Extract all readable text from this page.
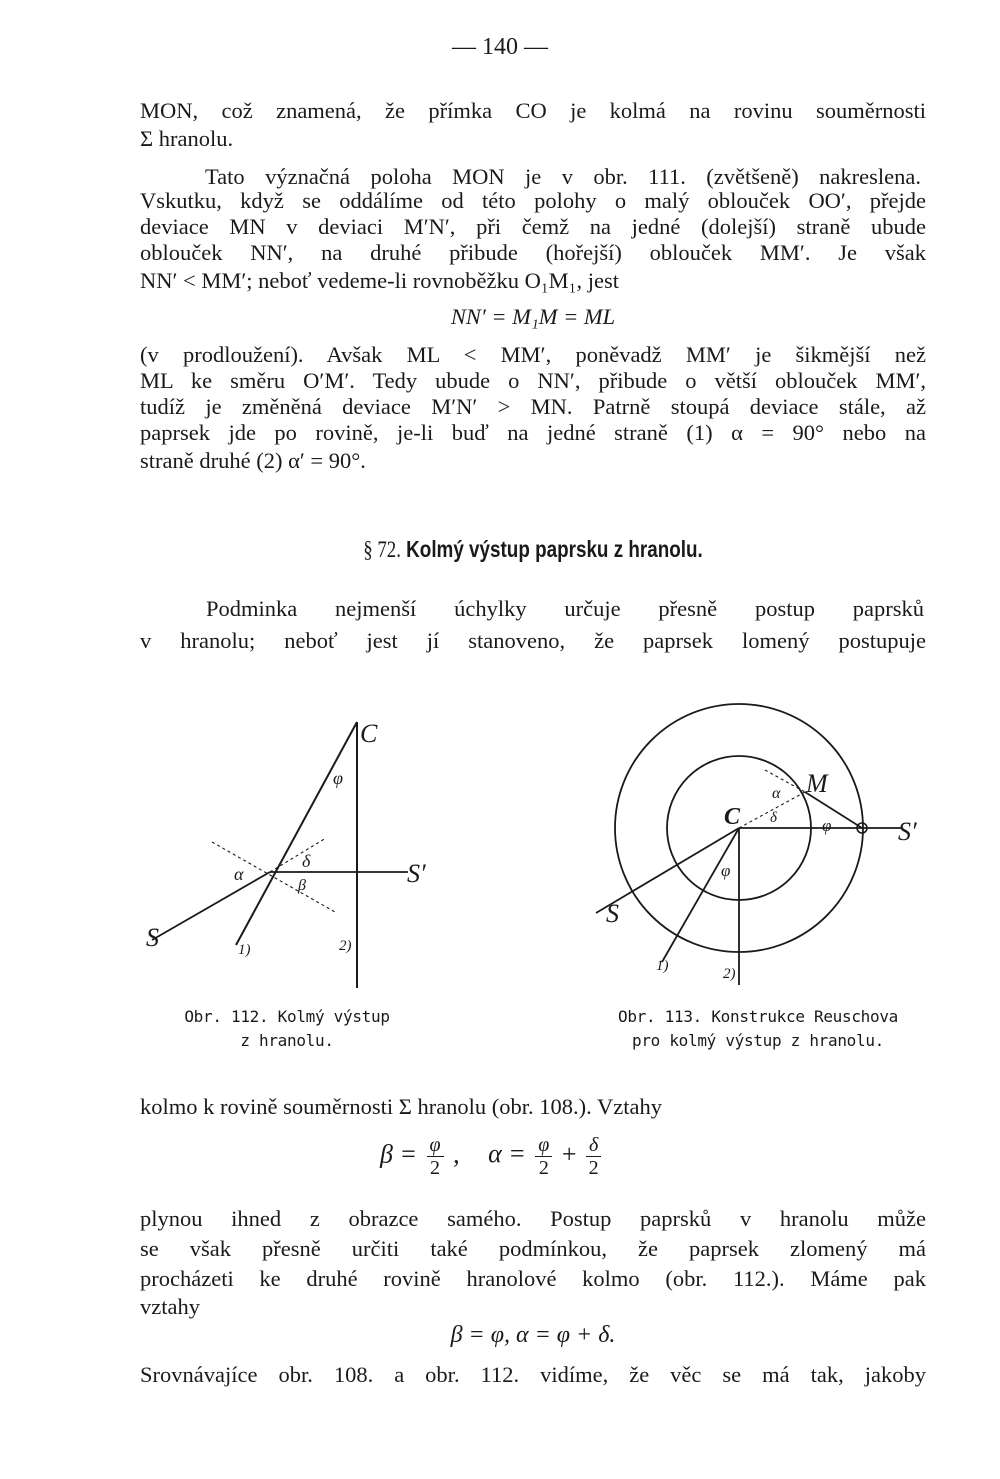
— 140 —
MON, což znamená, že přímka CO je kolmá na rovinu souměrnosti
Σ hranolu.
Tato význačná poloha MON je v obr. 111. (zvětšeně) nakreslena.
Vskutku, když se oddálíme od této polohy o malý oblouček OO′, přejde
deviace MN v deviaci M′N′, při čemž na jedné (dolejší) straně ubude
oblouček NN′, na druhé přibude (hořejší) oblouček MM′. Je však
NN′ < MM′; neboť vedeme-li rovnoběžku O₁M₁, jest
NN′ = M₁M = ML
(v prodloužení). Avšak ML < MM′, poněvadž MM′ je šikmější než
ML ke směru O′M′. Tedy ubude o NN′, přibude o větší oblouček MM′,
tudíž je změněná deviace M′N′ > MN. Patrně stoupá deviace stále, až
paprsek jde po rovině, je-li buď na jedné straně (1) α = 90° nebo na
straně druhé (2) α′ = 90°.
§ 72. Kolmý výstup paprsku z hranolu.
Podminka nejmenší úchylky určuje přesně postup paprsků
v hranolu; neboť jest jí stanoveno, že paprsek lomený postupuje
C
φ
α
δ
β	S′
S	1)	2)
Obr. 112. Kolmý výstup
z hranolu.
C
M
α
δ	φ
φ
S′
S
1)	2)
Obr. 113. Konstrukce Reuschova
pro kolmý výstup z hranolu.
kolmo k rovině souměrnosti Σ hranolu (obr. 108.). Vztahy
$\beta = \frac{\varphi}{2}$ , $\alpha = \frac{\varphi}{2} + \frac{\delta}{2}$
plynou ihned z obrazce samého. Postup paprsků v hranolu může
se však přesně určiti také podmínkou, že paprsek zlomený má
procházeti ke druhé rovině hranolové kolmo (obr. 112.). Máme pak
vztahy
β = φ, α = φ + δ.
Srovnávajíce obr. 108. a obr. 112. vidíme, že věc se má tak, jakoby
